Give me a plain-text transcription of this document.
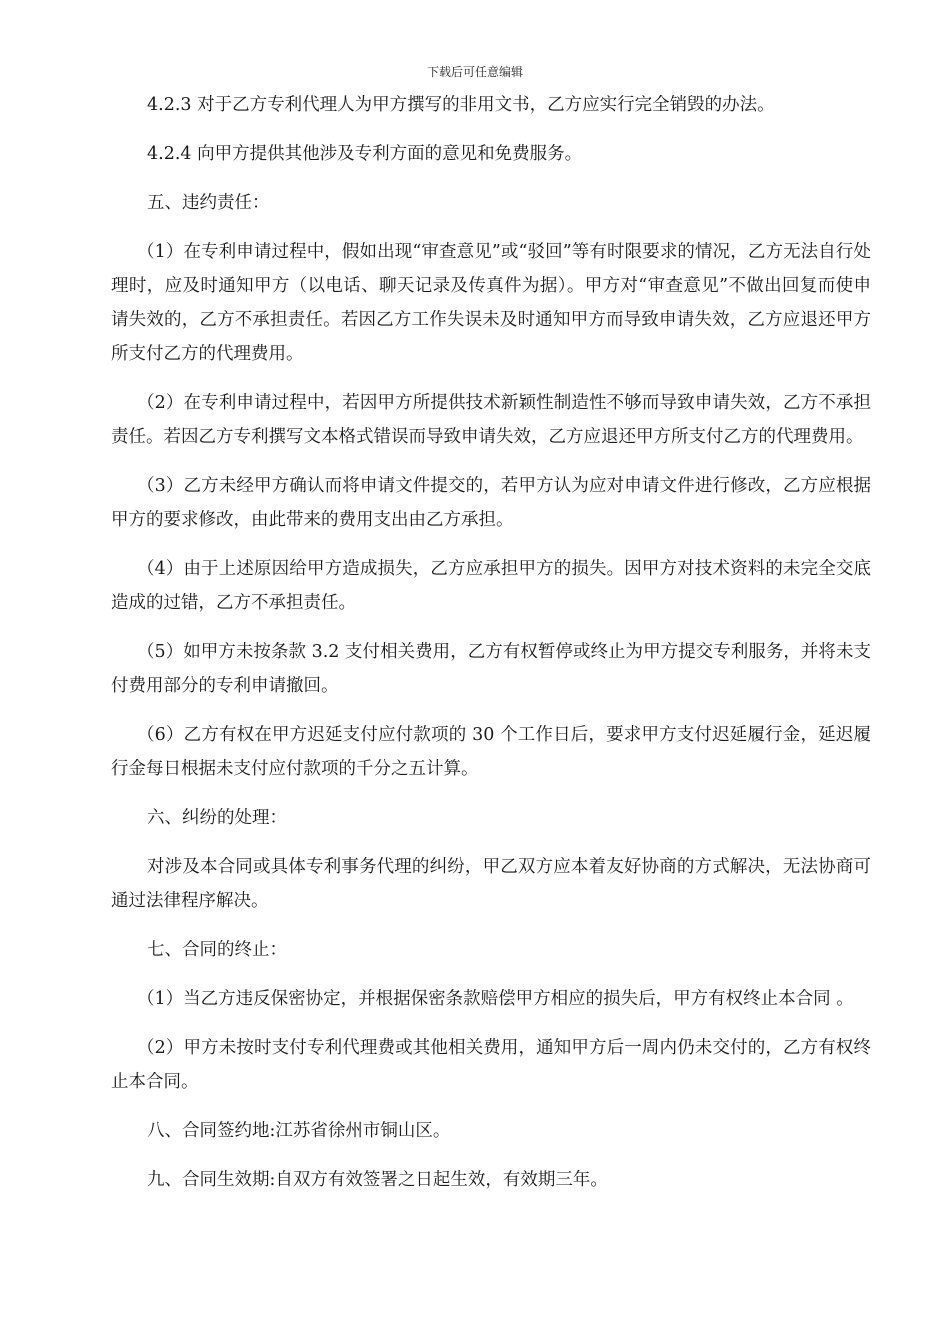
下载后可任意编辑

4.2.3 对于乙方专利代理人为甲方撰写的非用文书，乙方应实行完全销毁的办法。

4.2.4 向甲方提供其他涉及专利方面的意见和免费服务。

五、违约责任：

（1）在专利申请过程中，假如出现“审查意见”或“驳回”等有时限要求的情况，乙方无法自行处理时，应及时通知甲方（以电话、聊天记录及传真件为据）。甲方对“审查意见”不做出回复而使申请失效的，乙方不承担责任。若因乙方工作失误未及时通知甲方而导致申请失效，乙方应退还甲方所支付乙方的代理费用。

（2）在专利申请过程中，若因甲方所提供技术新颖性制造性不够而导致申请失效，乙方不承担责任。若因乙方专利撰写文本格式错误而导致申请失效，乙方应退还甲方所支付乙方的代理费用。

（3）乙方未经甲方确认而将申请文件提交的，若甲方认为应对申请文件进行修改，乙方应根据甲方的要求修改，由此带来的费用支出由乙方承担。

（4）由于上述原因给甲方造成损失，乙方应承担甲方的损失。因甲方对技术资料的未完全交底造成的过错，乙方不承担责任。

（5）如甲方未按条款 3.2 支付相关费用，乙方有权暂停或终止为甲方提交专利服务，并将未支付费用部分的专利申请撤回。

（6）乙方有权在甲方迟延支付应付款项的 30 个工作日后，要求甲方支付迟延履行金，延迟履行金每日根据未支付应付款项的千分之五计算。

六、纠纷的处理：

对涉及本合同或具体专利事务代理的纠纷，甲乙双方应本着友好协商的方式解决，无法协商可通过法律程序解决。

七、合同的终止：

（1）当乙方违反保密协定，并根据保密条款赔偿甲方相应的损失后，甲方有权终止本合同 。

（2）甲方未按时支付专利代理费或其他相关费用，通知甲方后一周内仍未交付的，乙方有权终止本合同。

八、合同签约地:江苏省徐州市铜山区。

九、合同生效期:自双方有效签署之日起生效，有效期三年。
